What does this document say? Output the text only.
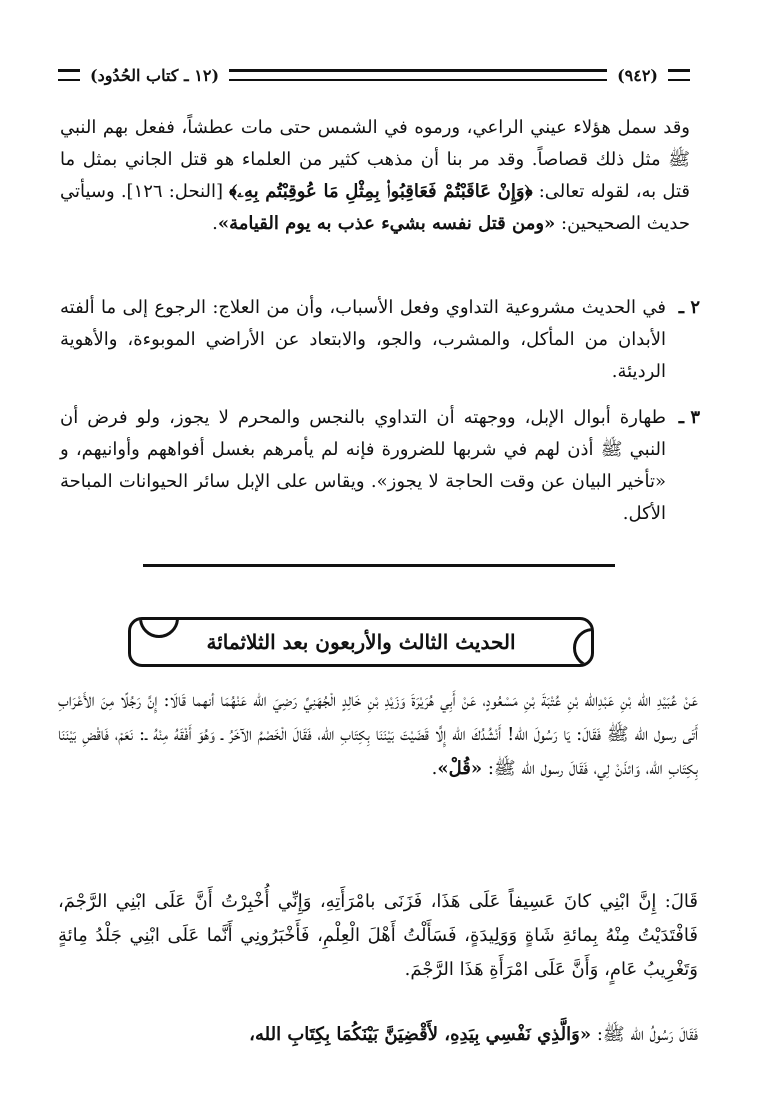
(٩٤٢)
(١٢ ـ كتاب الحُدُود)
وقد سمل هؤلاء عيني الراعي، ورموه في الشمس حتى مات عطشاً، ففعل بهم النبي ﷺ مثل ذلك قصاصاً. وقد مر بنا أن مذهب كثير من العلماء هو قتل الجاني بمثل ما قتل به، لقوله تعالى: ﴿وَإِنْ عَاقَبْتُمْ فَعَاقِبُوا۟ بِمِثْلِ مَا عُوقِبْتُم بِهِۦ﴾ [النحل: ١٢٦]. وسيأتي حديث الصحيحين: «ومن قتل نفسه بشيء عذب به يوم القيامة».
٢ ـ
في الحديث مشروعية التداوي وفعل الأسباب، وأن من العلاج: الرجوع إلى ما ألفته الأبدان من المأكل، والمشرب، والجو، والابتعاد عن الأراضي الموبوءة، والأهوية الرديئة.
٣ ـ
طهارة أبوال الإبل، ووجهته أن التداوي بالنجس والمحرم لا يجوز، ولو فرض أن النبي ﷺ أذن لهم في شربها للضرورة فإنه لم يأمرهم بغسل أفواههم وأوانيهم، و «تأخير البيان عن وقت الحاجة لا يجوز». ويقاس على الإبل سائر الحيوانات المباحة الأكل.
الحديث الثالث والأربعون بعد الثلاثمائة
عَنْ عُبَيْدِ الله بْنِ عَبْدِالله بْنِ عُتْبَةَ بْنِ مَسْعُودٍ، عَنْ أَبِي هُرَيْرَةَ وَزَيْدِ بْنِ خَالِدٍ الْجُهَنِيِّ رَضِيَ الله عَنْهُمَا أنهما قَالَا: إِنَّ رَجُلًا مِنَ الأَعْرَابِ أَتَى رسول الله ﷺ فَقَالَ: يَا رَسُولَ الله! أَنْشُدُكَ الله إِلَّا قَضَيْتَ بَيْنَنَا بِكِتَابِ الله، فَقَالَ الْخَصْمُ الآخَرُ ـ وَهُوَ أَفْقَهُ مِنْهُ ـ: نَعَمْ، فَاقْضِ بَيْنَنَا بِكِتَابِ الله، وَائذَنْ لِي، فَقَالَ رسول الله ﷺ: «قُلْ».
قَالَ: إِنَّ ابْنِي كانَ عَسِيفاً عَلَى هَذَا، فَزَنَى بامْرَأَتِهِ، وَإِنِّي أُخْبِرْتُ أَنَّ عَلَى ابْنِي الرَّجْمَ، فَافْتَدَيْتُ مِنْهُ بِمائةِ شَاةٍ وَوَلِيدَةٍ، فَسَأَلْتُ أَهْلَ الْعِلْمِ، فَأَخْبَرُونِي أَنَّما عَلَى ابْنِي جَلْدُ مِائةٍ وَتَغْرِيبُ عَامٍ، وَأَنَّ عَلَى امْرَأَةِ هَذَا الرَّجْمَ.
فَقَالَ رَسُولُ الله ﷺ: «وَالَّذِي نَفْسِي بِيَدِهِ، لأَقْضِيَنَّ بَيْنَكُمَا بِكِتَابِ الله،
